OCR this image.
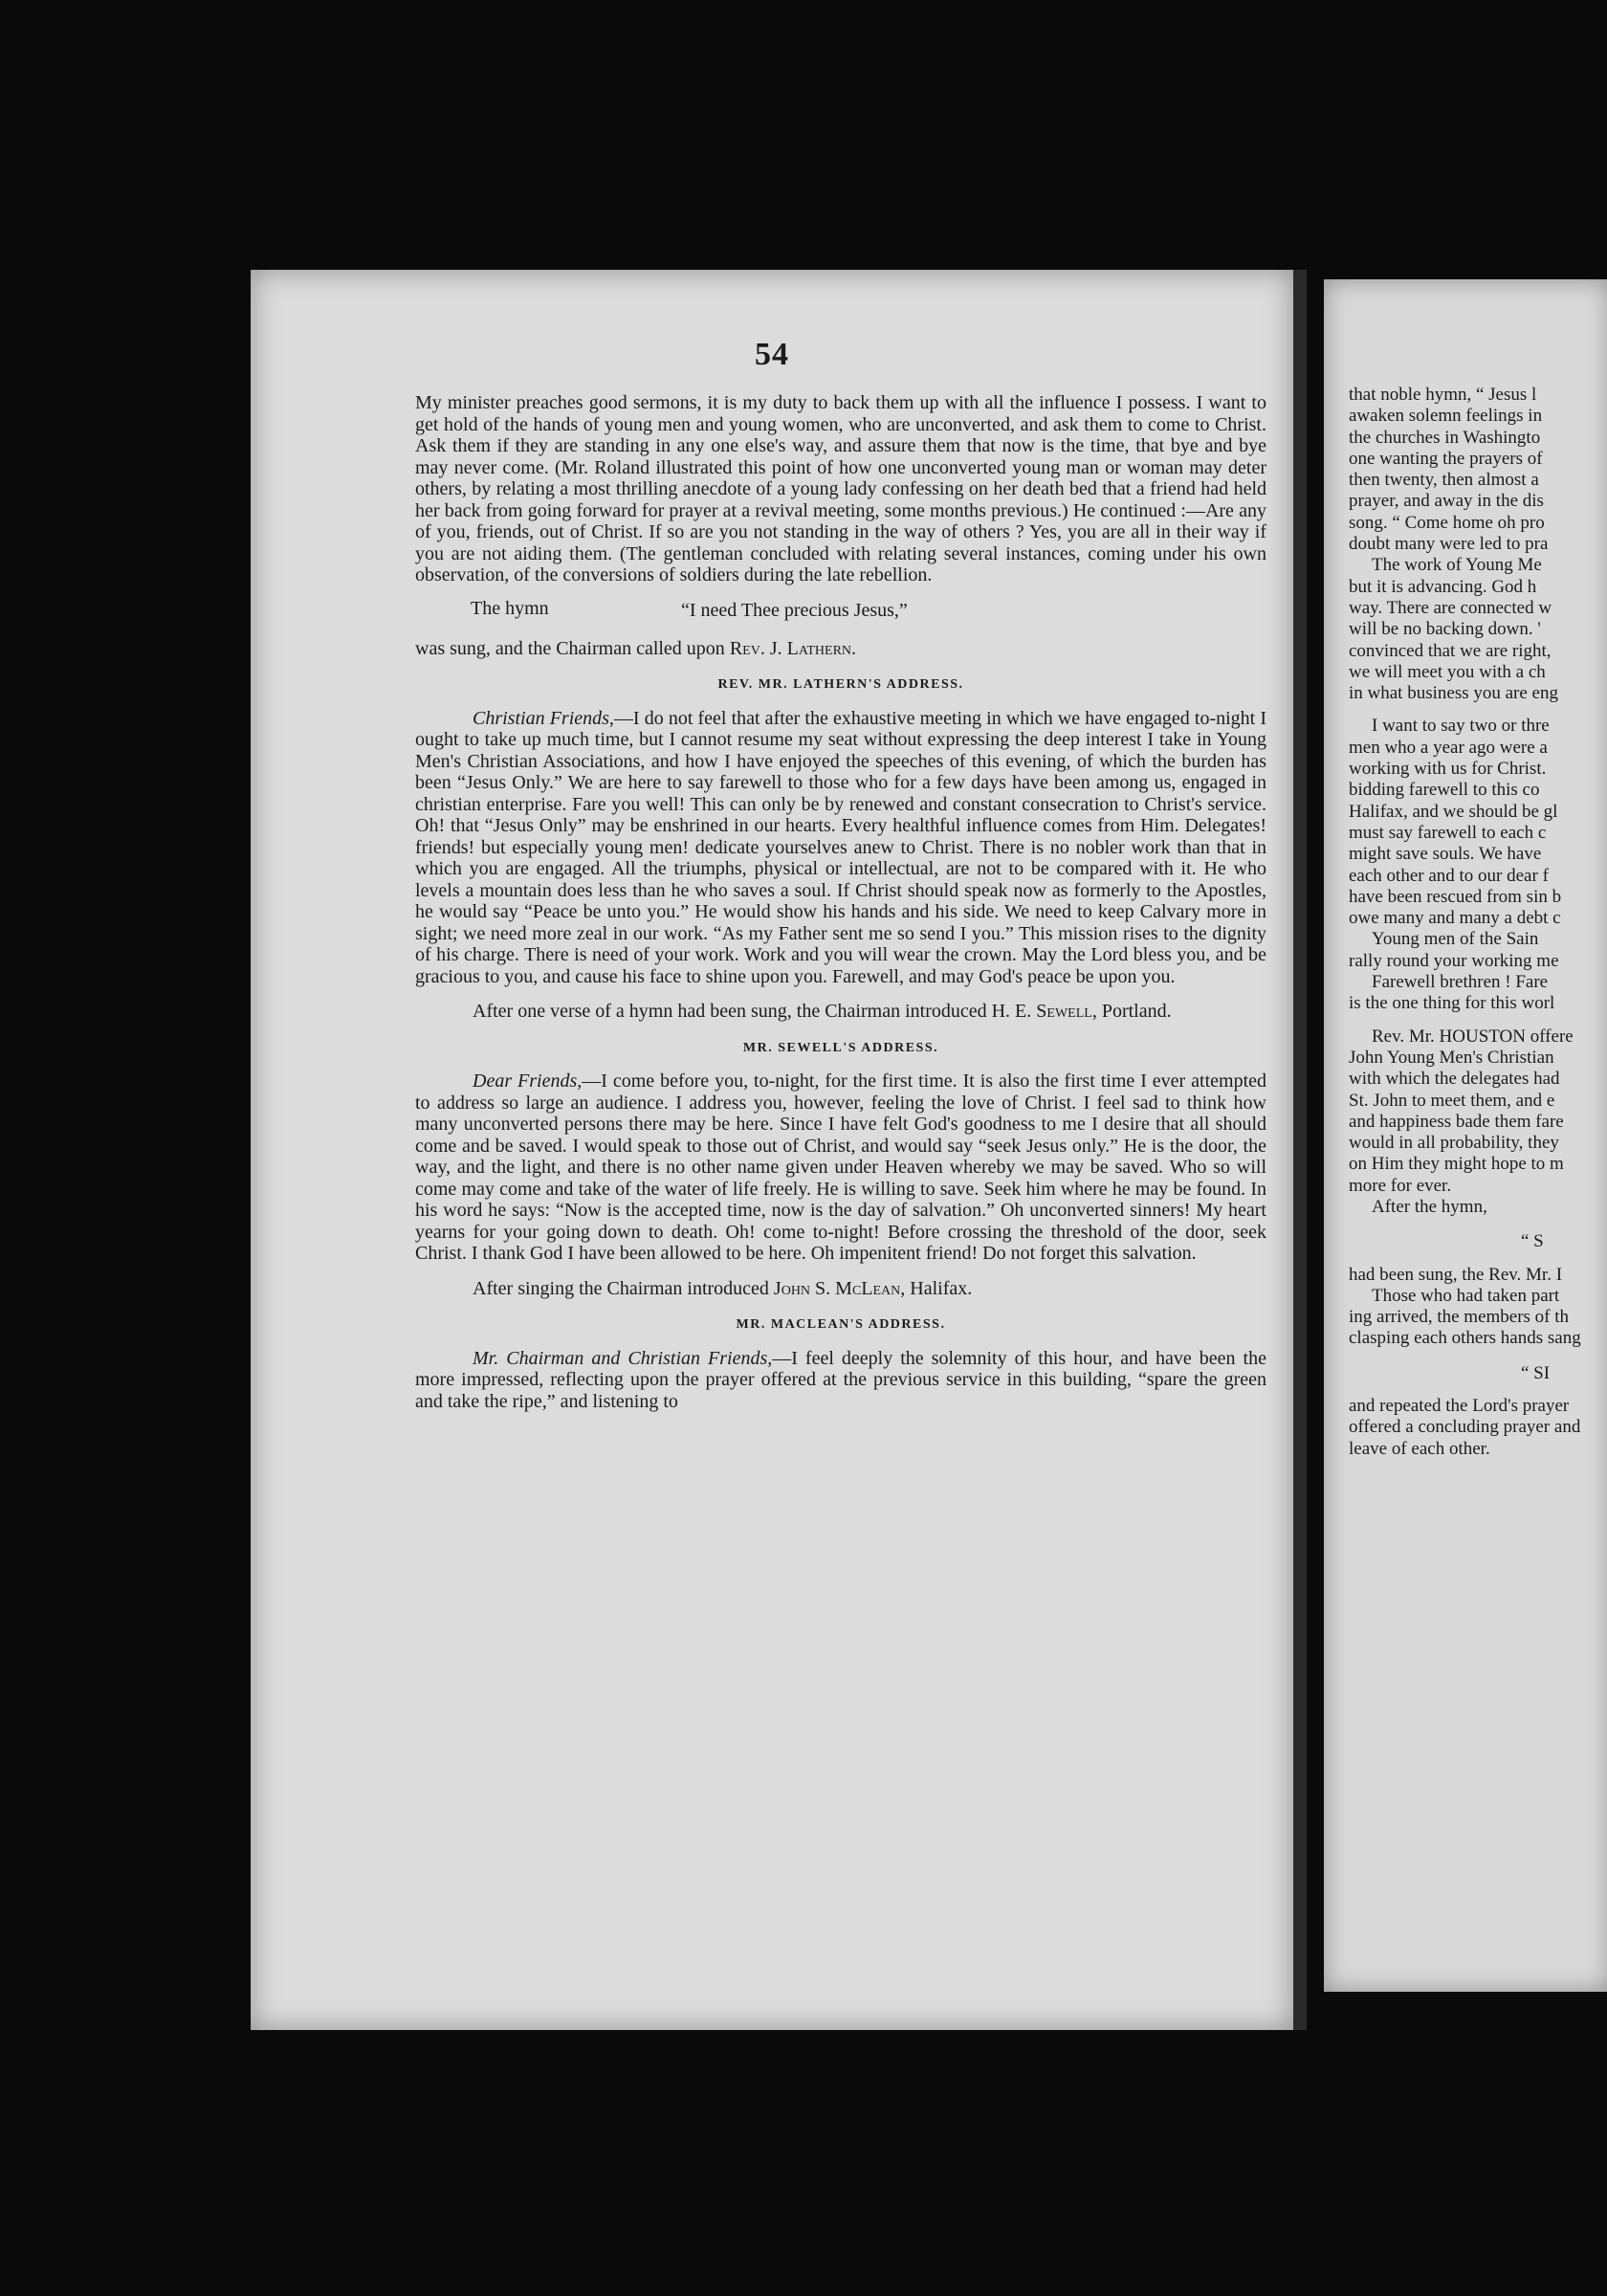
54

My minister preaches good sermons, it is my duty to back them up with all the influence I possess. I want to get hold of the hands of young men and young women, who are unconverted, and ask them to come to Christ. Ask them if they are standing in any one else's way, and assure them that now is the time, that bye and bye may never come. (Mr. Roland illustrated this point of how one unconverted young man or woman may deter others, by relating a most thrilling anecdote of a young lady confessing on her death bed that a friend had held her back from going forward for prayer at a revival meeting, some months previous.) He continued :—Are any of you, friends, out of Christ. If so are you not standing in the way of others ? Yes, you are all in their way if you are not aiding them. (The gentleman concluded with relating several instances, coming under his own observation, of the conversions of soldiers during the late rebellion.

The hymn	“I need Thee precious Jesus,”

was sung, and the Chairman called upon Rev. J. Lathern.

REV. MR. LATHERN'S ADDRESS.

Christian Friends,—I do not feel that after the exhaustive meeting in which we have engaged to-night I ought to take up much time, but I cannot resume my seat without expressing the deep interest I take in Young Men's Christian Associations, and how I have enjoyed the speeches of this evening, of which the burden has been “Jesus Only.” We are here to say farewell to those who for a few days have been among us, engaged in christian enterprise. Fare you well! This can only be by renewed and constant consecration to Christ's service. Oh! that “Jesus Only” may be enshrined in our hearts. Every healthful influence comes from Him. Delegates! friends! but especially young men! dedicate yourselves anew to Christ. There is no nobler work than that in which you are engaged. All the triumphs, physical or intellectual, are not to be compared with it. He who levels a mountain does less than he who saves a soul. If Christ should speak now as formerly to the Apostles, he would say “Peace be unto you.” He would show his hands and his side. We need to keep Calvary more in sight; we need more zeal in our work. “As my Father sent me so send I you.” This mission rises to the dignity of his charge. There is need of your work. Work and you will wear the crown. May the Lord bless you, and be gracious to you, and cause his face to shine upon you. Farewell, and may God's peace be upon you.

After one verse of a hymn had been sung, the Chairman introduced H. E. Sewell, Portland.

MR. SEWELL'S ADDRESS.

Dear Friends,—I come before you, to-night, for the first time. It is also the first time I ever attempted to address so large an audience. I address you, however, feeling the love of Christ. I feel sad to think how many unconverted persons there may be here. Since I have felt God's goodness to me I desire that all should come and be saved. I would speak to those out of Christ, and would say “seek Jesus only.” He is the door, the way, and the light, and there is no other name given under Heaven whereby we may be saved. Who so will come may come and take of the water of life freely. He is willing to save. Seek him where he may be found. In his word he says: “Now is the accepted time, now is the day of salvation.” Oh unconverted sinners! My heart yearns for your going down to death. Oh! come to-night! Before crossing the threshold of the door, seek Christ. I thank God I have been allowed to be here. Oh impenitent friend! Do not forget this salvation.

After singing the Chairman introduced John S. McLean, Halifax.

MR. MACLEAN'S ADDRESS.

Mr. Chairman and Christian Friends,—I feel deeply the solemnity of this hour, and have been the more impressed, reflecting upon the prayer offered at the previous service in this building, “spare the green and take the ripe,” and listening to

that noble hymn, “ Jesus l
awaken solemn feelings in
the churches in Washingto
one wanting the prayers of
then twenty, then almost a
prayer, and away in the dis
song. “ Come home oh pro
doubt many were led to pra
The work of Young Me
but it is advancing. God h
way. There are connected w
will be no backing down. '
convinced that we are right,
we will meet you with a ch
in what business you are eng
I want to say two or thre
men who a year ago were a
working with us for Christ.
bidding farewell to this co
Halifax, and we should be gl
must say farewell to each c
might save souls. We have
each other and to our dear f
have been rescued from sin b
owe many and many a debt c
Young men of the Sain
rally round your working me
Farewell brethren ! Fare
is the one thing for this worl
Rev. Mr. HOUSTON offere
John Young Men's Christian
with which the delegates had
St. John to meet them, and e
and happiness bade them fare
would in all probability, they
on Him they might hope to m
more for ever.
After the hymn,
“ S
had been sung, the Rev. Mr. I
Those who had taken part
ing arrived, the members of th
clasping each others hands sang
“ SI
and repeated the Lord's prayer
offered a concluding prayer and
leave of each other.
